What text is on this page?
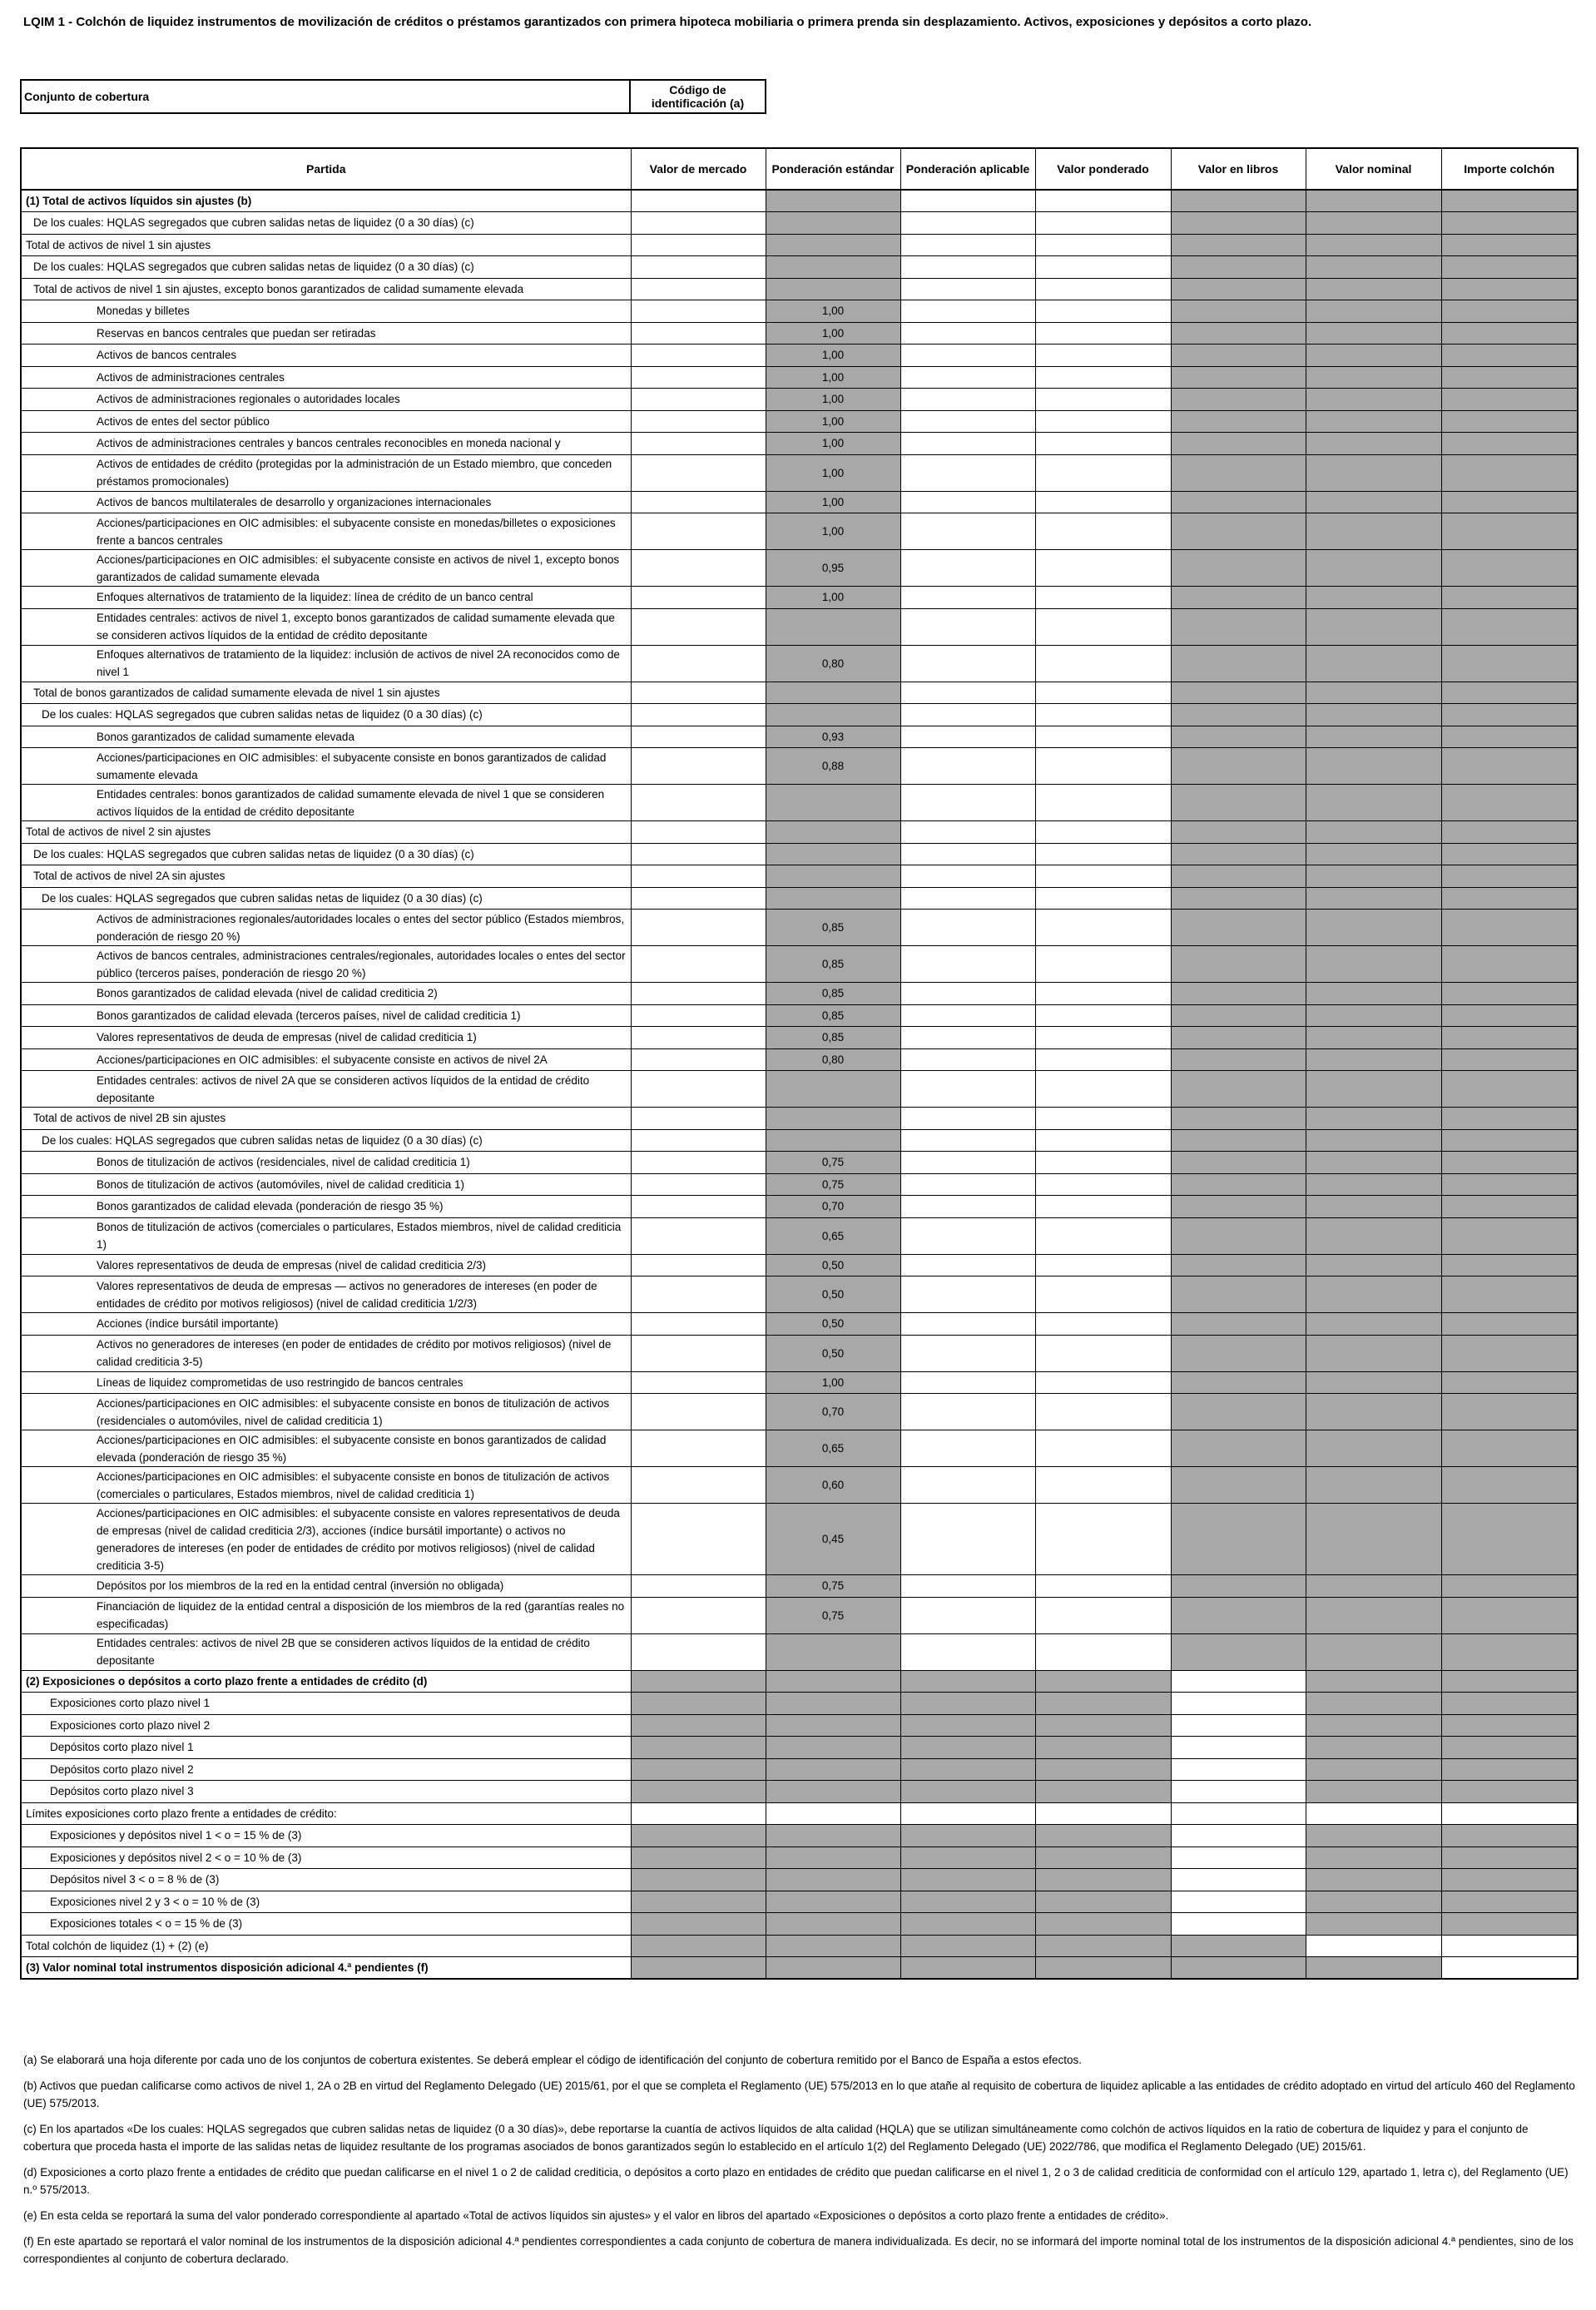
LQIM 1 - Colchón de liquidez instrumentos de movilización de créditos o préstamos garantizados con primera hipoteca mobiliaria o primera prenda sin desplazamiento. Activos, exposiciones y depósitos a corto plazo.
Conjunto de cobertura	Código de identificación (a)
Partida	Valor de mercado	Ponderación estándar	Ponderación aplicable	Valor ponderado	Valor en libros	Valor nominal	Importe colchón
(1) Total de activos líquidos sin ajustes (b)							
De los cuales: HQLAS segregados que cubren salidas netas de liquidez (0 a 30 días) (c)							
Total de activos de nivel 1 sin ajustes							
De los cuales: HQLAS segregados que cubren salidas netas de liquidez (0 a 30 días) (c)							
Total de activos de nivel 1 sin ajustes, excepto bonos garantizados de calidad sumamente elevada							
Monedas y billetes		1,00					
Reservas en bancos centrales que puedan ser retiradas		1,00					
Activos de bancos centrales		1,00					
Activos de administraciones centrales		1,00					
Activos de administraciones regionales o autoridades locales		1,00					
Activos de entes del sector público		1,00					
Activos de administraciones centrales y bancos centrales reconocibles en moneda nacional y		1,00					
Activos de entidades de crédito (protegidas por la administración de un Estado miembro, que conceden préstamos promocionales)		1,00					
Activos de bancos multilaterales de desarrollo y organizaciones internacionales		1,00					
Acciones/participaciones en OIC admisibles: el subyacente consiste en monedas/billetes o exposiciones frente a bancos centrales		1,00					
Acciones/participaciones en OIC admisibles: el subyacente consiste en activos de nivel 1, excepto bonos garantizados de calidad sumamente elevada		0,95					
Enfoques alternativos de tratamiento de la liquidez: línea de crédito de un banco central		1,00					
Entidades centrales: activos de nivel 1, excepto bonos garantizados de calidad sumamente elevada que se consideren activos líquidos de la entidad de crédito depositante							
Enfoques alternativos de tratamiento de la liquidez: inclusión de activos de nivel 2A reconocidos como de nivel 1		0,80					
Total de bonos garantizados de calidad sumamente elevada de nivel 1 sin ajustes							
De los cuales: HQLAS segregados que cubren salidas netas de liquidez (0 a 30 días) (c)							
Bonos garantizados de calidad sumamente elevada		0,93					
Acciones/participaciones en OIC admisibles: el subyacente consiste en bonos garantizados de calidad sumamente elevada		0,88					
Entidades centrales: bonos garantizados de calidad sumamente elevada de nivel 1 que se consideren activos líquidos de la entidad de crédito depositante							
Total de activos de nivel 2 sin ajustes							
De los cuales: HQLAS segregados que cubren salidas netas de liquidez (0 a 30 días) (c)							
Total de activos de nivel 2A sin ajustes							
De los cuales: HQLAS segregados que cubren salidas netas de liquidez (0 a 30 días) (c)							
Activos de administraciones regionales/autoridades locales o entes del sector público (Estados miembros, ponderación de riesgo 20 %)		0,85					
Activos de bancos centrales, administraciones centrales/regionales, autoridades locales o entes del sector público (terceros países, ponderación de riesgo 20 %)		0,85					
Bonos garantizados de calidad elevada (nivel de calidad crediticia 2)		0,85					
Bonos garantizados de calidad elevada (terceros países, nivel de calidad crediticia 1)		0,85					
Valores representativos de deuda de empresas (nivel de calidad crediticia 1)		0,85					
Acciones/participaciones en OIC admisibles: el subyacente consiste en activos de nivel 2A		0,80					
Entidades centrales: activos de nivel 2A que se consideren activos líquidos de la entidad de crédito depositante							
Total de activos de nivel 2B sin ajustes							
De los cuales: HQLAS segregados que cubren salidas netas de liquidez (0 a 30 días) (c)							
Bonos de titulización de activos (residenciales, nivel de calidad crediticia 1)		0,75					
Bonos de titulización de activos (automóviles, nivel de calidad crediticia 1)		0,75					
Bonos garantizados de calidad elevada (ponderación de riesgo 35 %)		0,70					
Bonos de titulización de activos (comerciales o particulares, Estados miembros, nivel de calidad crediticia 1)		0,65					
Valores representativos de deuda de empresas (nivel de calidad crediticia 2/3)		0,50					
Valores representativos de deuda de empresas — activos no generadores de intereses (en poder de entidades de crédito por motivos religiosos) (nivel de calidad crediticia 1/2/3)		0,50					
Acciones (índice bursátil importante)		0,50					
Activos no generadores de intereses (en poder de entidades de crédito por motivos religiosos) (nivel de calidad crediticia 3-5)		0,50					
Líneas de liquidez comprometidas de uso restringido de bancos centrales		1,00					
Acciones/participaciones en OIC admisibles: el subyacente consiste en bonos de titulización de activos (residenciales o automóviles, nivel de calidad crediticia 1)		0,70					
Acciones/participaciones en OIC admisibles: el subyacente consiste en bonos garantizados de calidad elevada (ponderación de riesgo 35 %)		0,65					
Acciones/participaciones en OIC admisibles: el subyacente consiste en bonos de titulización de activos (comerciales o particulares, Estados miembros, nivel de calidad crediticia 1)		0,60					
Acciones/participaciones en OIC admisibles: el subyacente consiste en valores representativos de deuda de empresas (nivel de calidad crediticia 2/3), acciones (índice bursátil importante) o activos no generadores de intereses (en poder de entidades de crédito por motivos religiosos) (nivel de calidad crediticia 3-5)		0,45					
Depósitos por los miembros de la red en la entidad central (inversión no obligada)		0,75					
Financiación de liquidez de la entidad central a disposición de los miembros de la red (garantías reales no especificadas)		0,75					
Entidades centrales: activos de nivel 2B que se consideren activos líquidos de la entidad de crédito depositante							
(2) Exposiciones o depósitos a corto plazo frente a entidades de crédito (d)							
Exposiciones corto plazo nivel 1							
Exposiciones corto plazo nivel 2							
Depósitos corto plazo nivel 1							
Depósitos corto plazo nivel 2							
Depósitos corto plazo nivel 3							
Límites exposiciones corto plazo frente a entidades de crédito:							
Exposiciones y depósitos nivel 1 < o = 15 % de (3)							
Exposiciones y depósitos nivel 2 < o = 10 % de (3)							
Depósitos nivel 3 < o = 8 % de (3)							
Exposiciones nivel 2 y 3 < o = 10 % de (3)							
Exposiciones totales < o = 15 % de (3)							
Total colchón de liquidez (1) + (2) (e)							
(3) Valor nominal total instrumentos disposición adicional 4.ª pendientes (f)							

(a) Se elaborará una hoja diferente por cada uno de los conjuntos de cobertura existentes. Se deberá emplear el código de identificación del conjunto de cobertura remitido por el Banco de España a estos efectos.

(b) Activos que puedan calificarse como activos de nivel 1, 2A o 2B en virtud del Reglamento Delegado (UE) 2015/61, por el que se completa el Reglamento (UE) 575/2013 en lo que atañe al requisito de cobertura de liquidez aplicable a las entidades de crédito adoptado en virtud del artículo 460 del Reglamento (UE) 575/2013.

(c) En los apartados «De los cuales: HQLAS segregados que cubren salidas netas de liquidez (0 a 30 días)», debe reportarse la cuantía de activos líquidos de alta calidad (HQLA) que se utilizan simultáneamente como colchón de activos líquidos en la ratio de cobertura de liquidez y para el conjunto de cobertura que proceda hasta el importe de las salidas netas de liquidez resultante de los programas asociados de bonos garantizados según lo establecido en el artículo 1(2) del Reglamento Delegado (UE) 2022/786, que modifica el Reglamento Delegado (UE) 2015/61.

(d) Exposiciones a corto plazo frente a entidades de crédito que puedan calificarse en el nivel 1 o 2 de calidad crediticia, o depósitos a corto plazo en entidades de crédito que puedan calificarse en el nivel 1, 2 o 3 de calidad crediticia de conformidad con el artículo 129, apartado 1, letra c), del Reglamento (UE) n.º 575/2013.

(e) En esta celda se reportará la suma del valor ponderado correspondiente al apartado «Total de activos líquidos sin ajustes» y el valor en libros del apartado «Exposiciones o depósitos a corto plazo frente a entidades de crédito».

(f) En este apartado se reportará el valor nominal de los instrumentos de la disposición adicional 4.ª pendientes correspondientes a cada conjunto de cobertura de manera individualizada. Es decir, no se informará del importe nominal total de los instrumentos de la disposición adicional 4.ª pendientes, sino de los correspondientes al conjunto de cobertura declarado.
